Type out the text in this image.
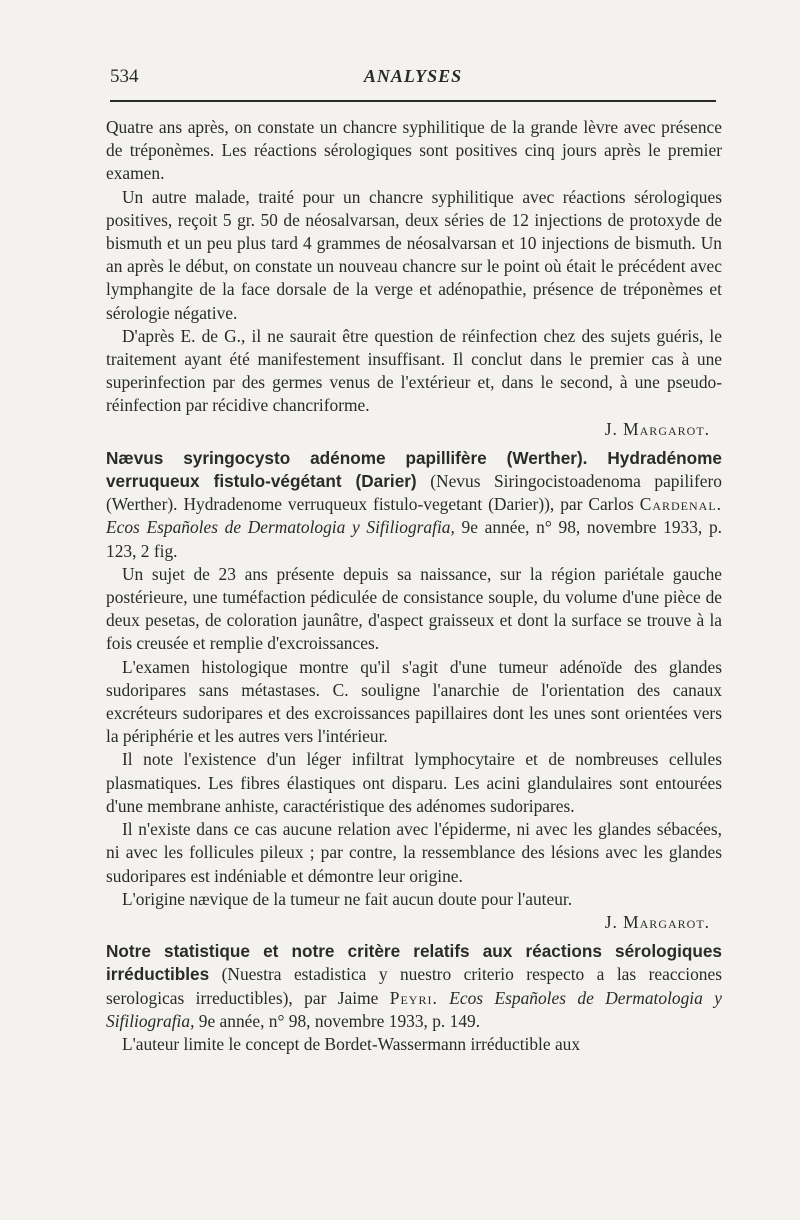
534	ANALYSES

Quatre ans après, on constate un chancre syphilitique de la grande lèvre avec présence de tréponèmes. Les réactions sérologiques sont positives cinq jours après le premier examen.

Un autre malade, traité pour un chancre syphilitique avec réactions sérologiques positives, reçoit 5 gr. 50 de néosalvarsan, deux séries de 12 injections de protoxyde de bismuth et un peu plus tard 4 grammes de néosalvarsan et 10 injections de bismuth. Un an après le début, on constate un nouveau chancre sur le point où était le précédent avec lymphangite de la face dorsale de la verge et adénopathie, présence de tréponèmes et sérologie négative.

D'après E. de G., il ne saurait être question de réinfection chez des sujets guéris, le traitement ayant été manifestement insuffisant. Il conclut dans le premier cas à une superinfection par des germes venus de l'extérieur et, dans le second, à une pseudo-réinfection par récidive chancriforme.

J. Margarot.

Nævus syringocysto adénome papillifère (Werther). Hydradénome verruqueux fistulo-végétant (Darier) (Nevus Siringocistoadenoma papilifero (Werther). Hydradenome verruqueux fistulo-vegetant (Darier)), par Carlos Cardenal. Ecos Españoles de Dermatologia y Sifiliografia, 9e année, n° 98, novembre 1933, p. 123, 2 fig.

Un sujet de 23 ans présente depuis sa naissance, sur la région pariétale gauche postérieure, une tuméfaction pédiculée de consistance souple, du volume d'une pièce de deux pesetas, de coloration jaunâtre, d'aspect graisseux et dont la surface se trouve à la fois creusée et remplie d'excroissances.

L'examen histologique montre qu'il s'agit d'une tumeur adénoïde des glandes sudoripares sans métastases. C. souligne l'anarchie de l'orientation des canaux excréteurs sudoripares et des excroissances papillaires dont les unes sont orientées vers la périphérie et les autres vers l'intérieur.

Il note l'existence d'un léger infiltrat lymphocytaire et de nombreuses cellules plasmatiques. Les fibres élastiques ont disparu. Les acini glandulaires sont entourées d'une membrane anhiste, caractéristique des adénomes sudoripares.

Il n'existe dans ce cas aucune relation avec l'épiderme, ni avec les glandes sébacées, ni avec les follicules pileux ; par contre, la ressemblance des lésions avec les glandes sudoripares est indéniable et démontre leur origine.

L'origine nævique de la tumeur ne fait aucun doute pour l'auteur.

J. Margarot.

Notre statistique et notre critère relatifs aux réactions sérologiques irréductibles (Nuestra estadistica y nuestro criterio respecto a las reacciones serologicas irreductibles), par Jaime Peyri. Ecos Españoles de Dermatologia y Sifiliografia, 9e année, n° 98, novembre 1933, p. 149.

L'auteur limite le concept de Bordet-Wassermann irréductible aux
